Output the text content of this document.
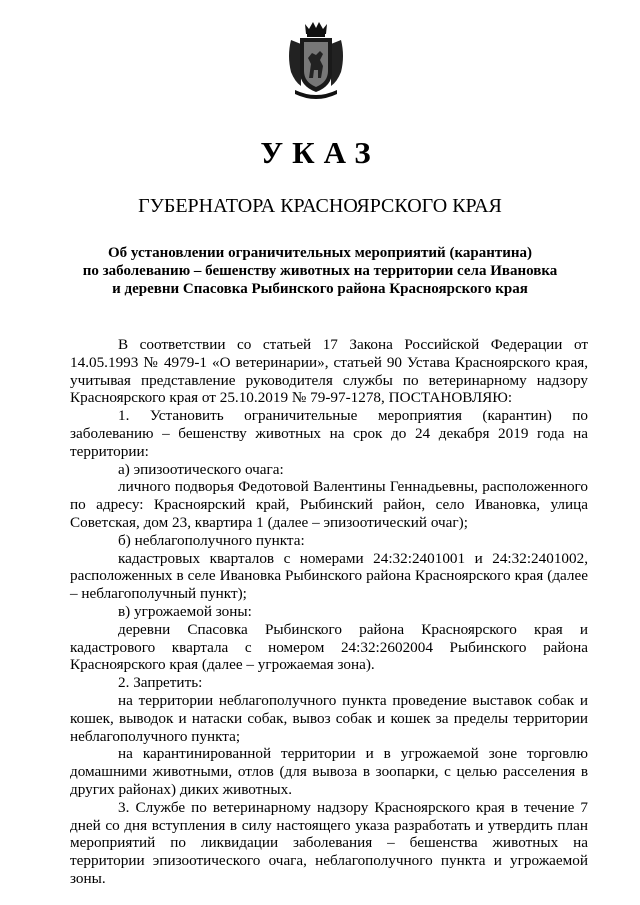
УКАЗ
ГУБЕРНАТОРА КРАСНОЯРСКОГО КРАЯ
Об установлении ограничительных мероприятий (карантина)
по заболеванию – бешенству животных на территории села Ивановка
и деревни Спасовка Рыбинского района Красноярского края

В соответствии со статьей 17 Закона Российской Федерации от 14.05.1993 № 4979-1 «О ветеринарии», статьей 90 Устава Красноярского края, учитывая представление руководителя службы по ветеринарному надзору Красноярского края от 25.10.2019 № 79-97-1278, ПОСТАНОВЛЯЮ:

1. Установить ограничительные мероприятия (карантин) по заболеванию – бешенству животных на срок до 24 декабря 2019 года на территории:

а) эпизоотического очага:

личного подворья Федотовой Валентины Геннадьевны, расположенного по адресу: Красноярский край, Рыбинский район, село Ивановка, улица Советская, дом 23, квартира 1 (далее – эпизоотический очаг);

б) неблагополучного пункта:

кадастровых кварталов с номерами 24:32:2401001 и 24:32:2401002, расположенных в селе Ивановка Рыбинского района Красноярского края (далее – неблагополучный пункт);

в) угрожаемой зоны:

деревни Спасовка Рыбинского района Красноярского края и кадастрового квартала с номером 24:32:2602004 Рыбинского района Красноярского края (далее – угрожаемая зона).

2. Запретить:

на территории неблагополучного пункта проведение выставок собак и кошек, выводок и натаски собак, вывоз собак и кошек за пределы территории неблагополучного пункта;

на карантинированной территории и в угрожаемой зоне торговлю домашними животными, отлов (для вывоза в зоопарки, с целью расселения в других районах) диких животных.

3. Службе по ветеринарному надзору Красноярского края в течение 7 дней со дня вступления в силу настоящего указа разработать и утвердить план мероприятий по ликвидации заболевания – бешенства животных на территории эпизоотического очага, неблагополучного пункта и угрожаемой зоны.
